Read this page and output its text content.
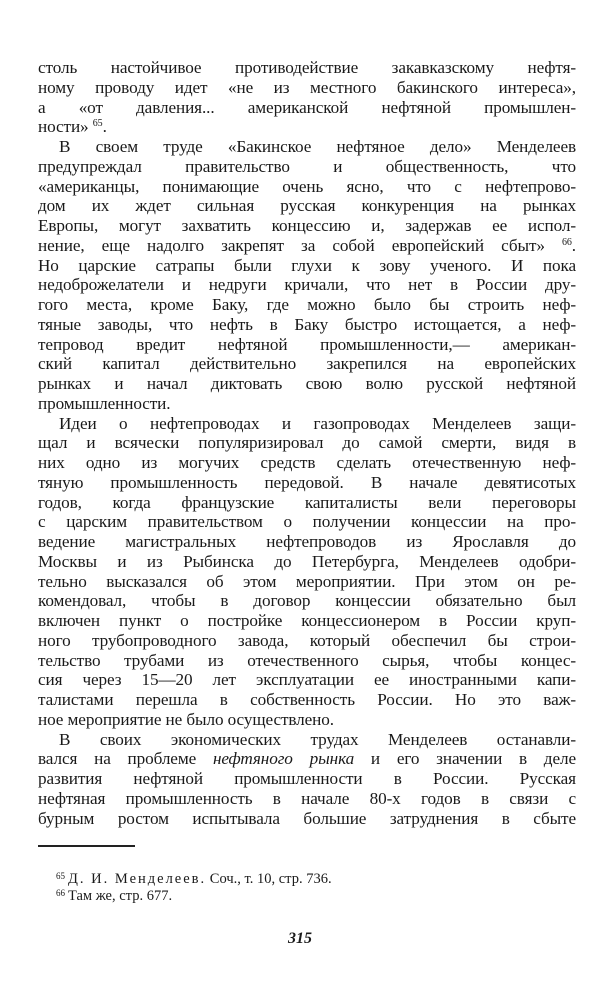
столь настойчивое противодействие закавказскому нефтя-
ному проводу идет «не из местного бакинского интереса»,
а «от давления... американской нефтяной промышлен-
ности» $^{65}$.
В своем труде «Бакинское нефтяное дело» Менделеев
предупреждал правительство и общественность, что
«американцы, понимающие очень ясно, что с нефтепрово-
дом их ждет сильная русская конкуренция на рынках
Европы, могут захватить концессию и, задержав ее испол-
нение, еще надолго закрепят за собой европейский сбыт» $^{66}$.
Но царские сатрапы были глухи к зову ученого. И пока
недоброжелатели и недруги кричали, что нет в России дру-
гого места, кроме Баку, где можно было бы строить неф-
тяные заводы, что нефть в Баку быстро истощается, а неф-
тепровод вредит нефтяной промышленности,— американ-
ский капитал действительно закрепился на европейских
рынках и начал диктовать свою волю русской нефтяной
промышленности.
Идеи о нефтепроводах и газопроводах Менделеев защи-
щал и всячески популяризировал до самой смерти, видя в
них одно из могучих средств сделать отечественную неф-
тяную промышленность передовой. В начале девятисотых
годов, когда французские капиталисты вели переговоры
с царским правительством о получении концессии на про-
ведение магистральных нефтепроводов из Ярославля до
Москвы и из Рыбинска до Петербурга, Менделеев одобри-
тельно высказался об этом мероприятии. При этом он ре-
комендовал, чтобы в договор концессии обязательно был
включен пункт о постройке концессионером в России круп-
ного трубопроводного завода, который обеспечил бы строи-
тельство трубами из отечественного сырья, чтобы концес-
сия через 15—20 лет эксплуатации ее иностранными капи-
талистами перешла в собственность России. Но это важ-
ное мероприятие не было осуществлено.
В своих экономических трудах Менделеев останавли-
вался на проблеме нефтяного рынка и его значении в деле
развития нефтяной промышленности в России. Русская
нефтяная промышленность в начале 80-х годов в связи с
бурным ростом испытывала большие затруднения в сбыте
$^{65}$ Д. И. Менделеев. Соч., т. 10, стр. 736.
$^{66}$ Там же, стр. 677.
315
